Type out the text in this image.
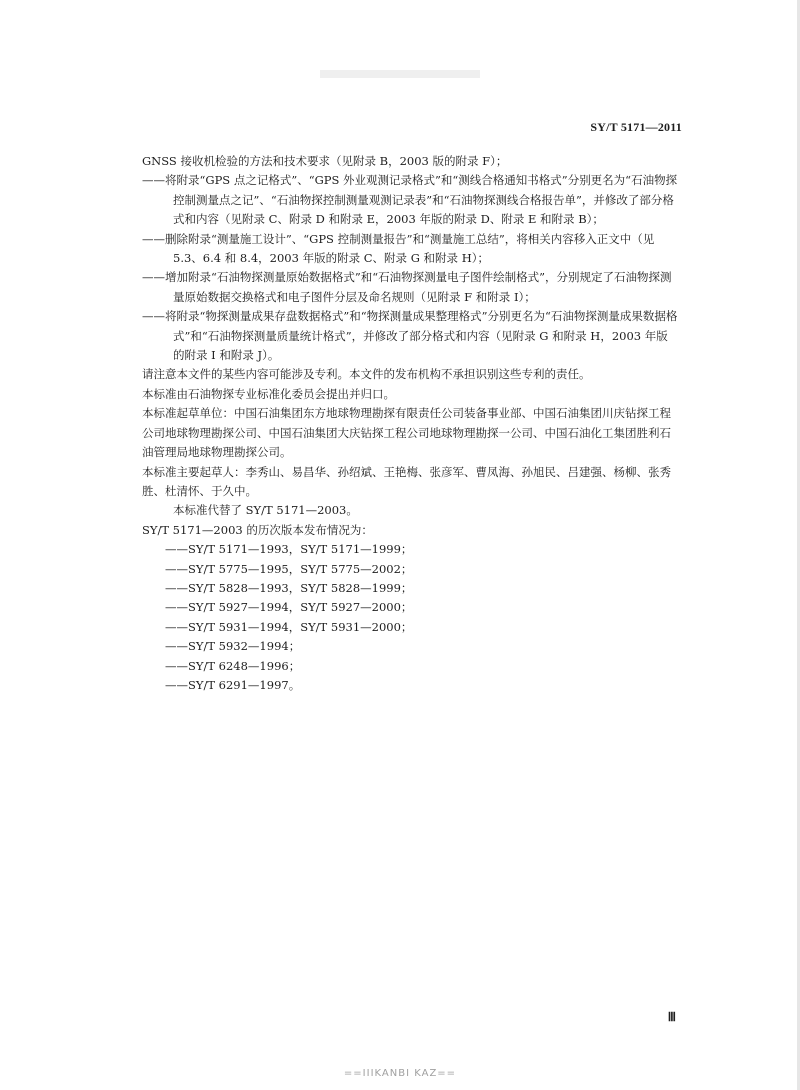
SY/T 5171—2011

GNSS 接收机检验的方法和技术要求（见附录 B，2003 版的附录 F）；

——将附录“GPS 点之记格式”、“GPS 外业观测记录格式”和“测线合格通知书格式”分别更名为“石油物探控制测量点之记”、“石油物探控制测量观测记录表”和“石油物探测线合格报告单”，并修改了部分格式和内容（见附录 C、附录 D 和附录 E，2003 年版的附录 D、附录 E 和附录 B）；

——删除附录“测量施工设计”、“GPS 控制测量报告”和“测量施工总结”，将相关内容移入正文中（见 5.3、6.4 和 8.4，2003 年版的附录 C、附录 G 和附录 H）；

——增加附录“石油物探测量原始数据格式”和“石油物探测量电子图件绘制格式”，分别规定了石油物探测量原始数据交换格式和电子图件分层及命名规则（见附录 F 和附录 I）；

——将附录“物探测量成果存盘数据格式”和“物探测量成果整理格式”分别更名为“石油物探测量成果数据格式”和“石油物探测量质量统计格式”，并修改了部分格式和内容（见附录 G 和附录 H，2003 年版的附录 I 和附录 J）。

请注意本文件的某些内容可能涉及专利。本文件的发布机构不承担识别这些专利的责任。

本标准由石油物探专业标准化委员会提出并归口。

本标准起草单位：中国石油集团东方地球物理勘探有限责任公司装备事业部、中国石油集团川庆钻探工程公司地球物理勘探公司、中国石油集团大庆钻探工程公司地球物理勘探一公司、中国石油化工集团胜利石油管理局地球物理勘探公司。

本标准主要起草人：李秀山、易昌华、孙绍斌、王艳梅、张彦军、曹凤海、孙旭民、吕建强、杨柳、张秀胜、杜清怀、于久中。

本标准代替了 SY/T 5171—2003。

SY/T 5171—2003 的历次版本发布情况为：

——SY/T 5171—1993，SY/T 5171—1999；

——SY/T 5775—1995，SY/T 5775—2002；

——SY/T 5828—1993，SY/T 5828—1999；

——SY/T 5927—1994，SY/T 5927—2000；

——SY/T 5931—1994，SY/T 5931—2000；

——SY/T 5932—1994；

——SY/T 6248—1996；

——SY/T 6291—1997。

Ⅲ
==IIIKANBI KAZ==
